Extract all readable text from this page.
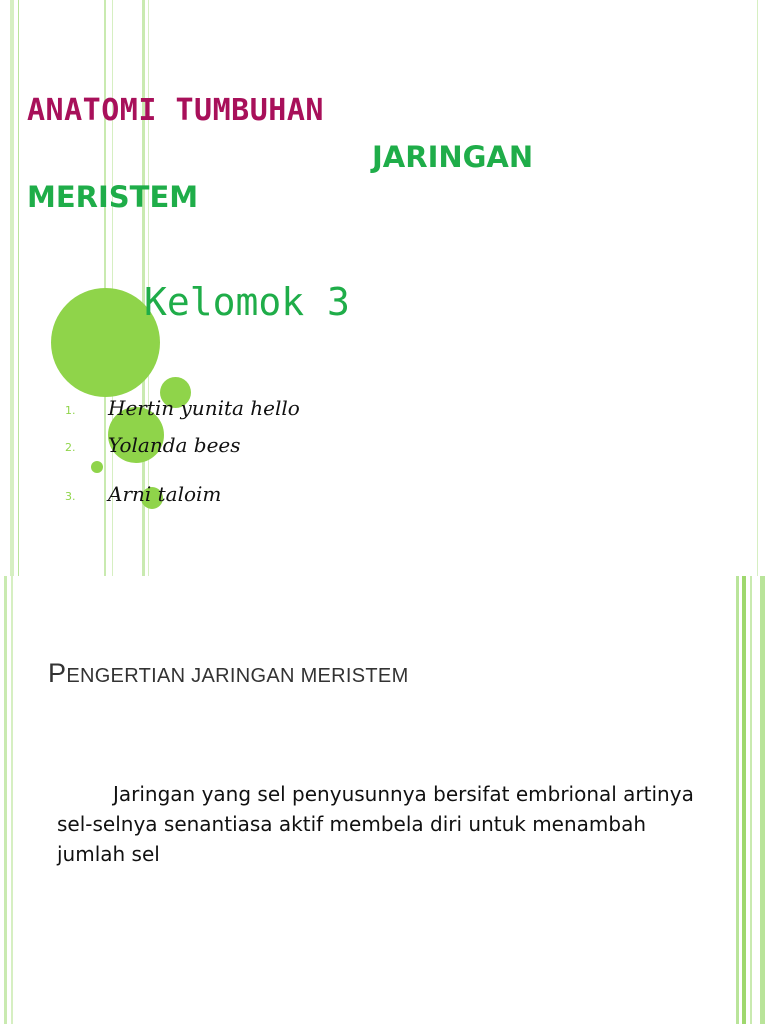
ANATOMI TUMBUHAN
JARINGAN
MERISTEM
Kelomok 3
1. Hertin yunita hello
2. Yolanda bees
3. Arni taloim
PENGERTIAN JARINGAN MERISTEM
Jaringan yang sel penyusunnya bersifat embrional artinya sel-selnya senantiasa aktif membela diri untuk menambah jumlah sel
